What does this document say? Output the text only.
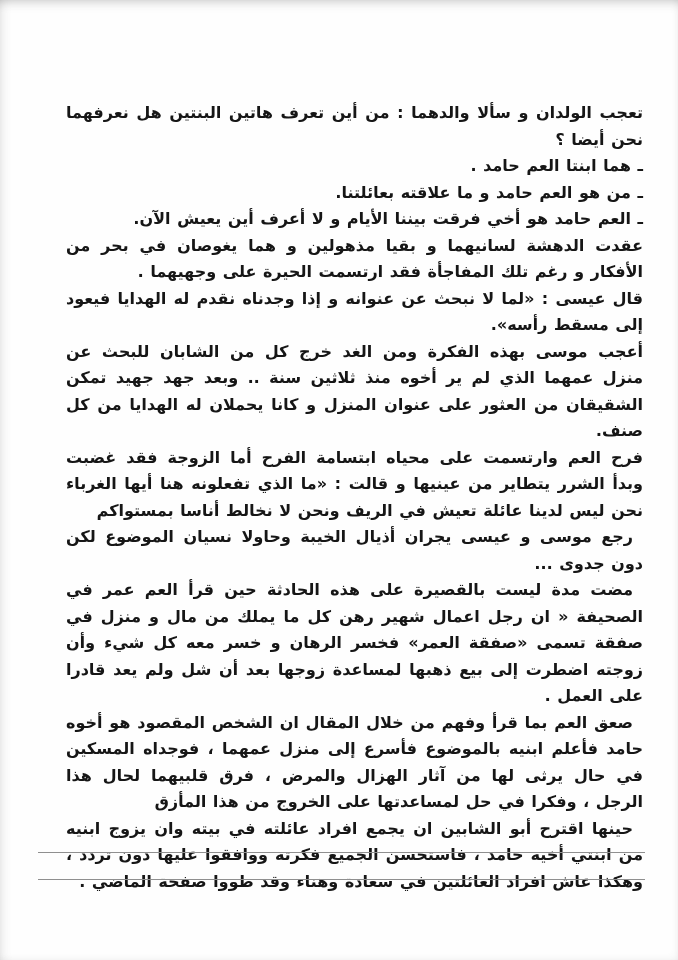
تعجب الولدان و سألا والدهما : من أين تعرف هاتين البنتين هل نعرفهما نحن أيضا ؟

ـ هما ابنتا العم حامد .

ـ من هو العم حامد و ما علاقته بعائلتنا.

ـ العم حامد هو أخي فرقت بيننا الأيام و لا أعرف أين يعيش الآن.

عقدت الدهشة لسانيهما و بقيا مذهولين و هما يغوصان في بحر من الأفكار و رغم تلك المفاجأة فقد ارتسمت الحيرة على وجهيهما .

قال عيسى : «لما لا نبحث عن عنوانه و إذا وجدناه نقدم له الهدايا فيعود إلى مسقط رأسه».

أعجب موسى بهذه الفكرة ومن الغد خرج كل من الشابان للبحث عن منزل عمهما الذي لم ير أخوه منذ ثلاثين سنة .. وبعد جهد جهيد تمكن الشقيقان من العثور على عنوان المنزل و كانا يحملان له الهدايا من كل صنف.

فرح العم وارتسمت على محياه ابتسامة الفرح أما الزوجة فقد غضبت وبدأ الشرر يتطاير من عينيها و قالت : «ما الذي تفعلونه هنا أيها الغرباء نحن ليس لدينا عائلة تعيش في الريف ونحن لا نخالط أناسا بمستواكم

رجع موسى و عيسى يجران أذيال الخيبة وحاولا نسيان الموضوع لكن دون جدوى ...

مضت مدة ليست بالقصيرة على هذه الحادثة حين قرأ العم عمر في الصحيفة « ان رجل اعمال شهير رهن كل ما يملك من مال و منزل في صفقة تسمى «صفقة العمر» فخسر الرهان و خسر معه كل شيء وأن زوجته اضطرت إلى بيع ذهبها لمساعدة زوجها بعد أن شل ولم يعد قادرا على العمل .

صعق العم بما قرأ وفهم من خلال المقال ان الشخص المقصود هو أخوه حامد فأعلم ابنيه بالموضوع فأسرع إلى منزل عمهما ، فوجداه المسكين في حال يرثى لها من آثار الهزال والمرض ، فرق قلبيهما لحال هذا الرجل ، وفكرا في حل لمساعدتها على الخروج من هذا المأزق

حينها اقترح أبو الشابين ان يجمع افراد عائلته في بيته وان يزوج ابنيه من ابنتي أخيه حامد ، فاستحسن الجميع فكرته ووافقوا عليها دون تردد ، وهكذا عاش افراد العائلتين في سعادة وهناء وقد طووا صفحة الماضي .
